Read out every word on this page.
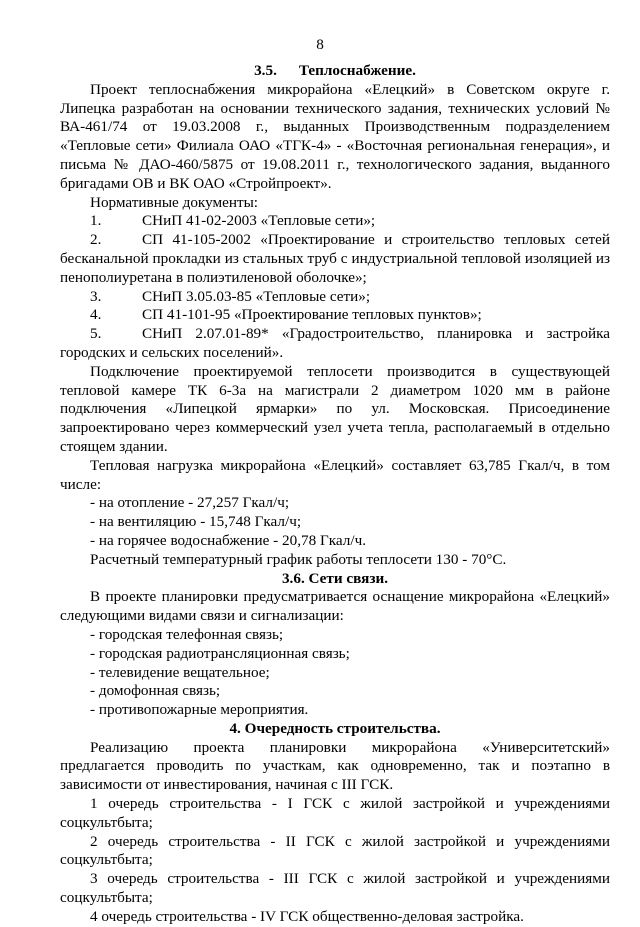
8

3.5. Теплоснабжение.

Проект теплоснабжения микрорайона «Елецкий» в Советском округе г. Липецка разработан на основании технического задания, технических условий № ВА-461/74 от 19.03.2008 г., выданных Производственным подразделением «Тепловые сети» Филиала ОАО «ТГК-4» - «Восточная региональная генерация», и письма № ДАО-460/5875 от 19.08.2011 г., технологического задания, выданного бригадами ОВ и ВК ОАО «Стройпроект».

Нормативные документы:

1.	СНиП 41-02-2003 «Тепловые сети»;

2.	СП 41-105-2002 «Проектирование и строительство тепловых сетей бесканальной прокладки из стальных труб с индустриальной тепловой изоляцией из пенополиуретана в полиэтиленовой оболочке»;

3.	СНиП 3.05.03-85 «Тепловые сети»;

4.	СП 41-101-95 «Проектирование тепловых пунктов»;

5.	СНиП 2.07.01-89* «Градостроительство, планировка и застройка городских и сельских поселений».

Подключение проектируемой теплосети производится в существующей тепловой камере ТК 6-3а на магистрали 2 диаметром 1020 мм в районе подключения «Липецкой ярмарки» по ул. Московская. Присоединение запроектировано через коммерческий узел учета тепла, располагаемый в отдельно стоящем здании.

Тепловая нагрузка микрорайона «Елецкий» составляет 63,785 Гкал/ч, в том числе:

- на отопление - 27,257 Гкал/ч;

- на вентиляцию - 15,748 Гкал/ч;

- на горячее водоснабжение - 20,78 Гкал/ч.

Расчетный температурный график работы теплосети 130 - 70°С.

3.6. Сети связи.

В проекте планировки предусматривается оснащение микрорайона «Елецкий» следующими видами связи и сигнализации:

- городская телефонная связь;

- городская радиотрансляционная связь;

- телевидение вещательное;

- домофонная связь;

- противопожарные мероприятия.

4. Очередность строительства.

Реализацию проекта планировки микрорайона «Университетский» предлагается проводить по участкам, как одновременно, так и поэтапно в зависимости от инвестирования, начиная с III ГСК.

1 очередь строительства - I ГСК с жилой застройкой и учреждениями соцкультбыта;

2 очередь строительства - II ГСК с жилой застройкой и учреждениями соцкультбыта;

3 очередь строительства - III ГСК с жилой застройкой и учреждениями соцкультбыта;

4 очередь строительства - IV ГСК общественно-деловая застройка.
